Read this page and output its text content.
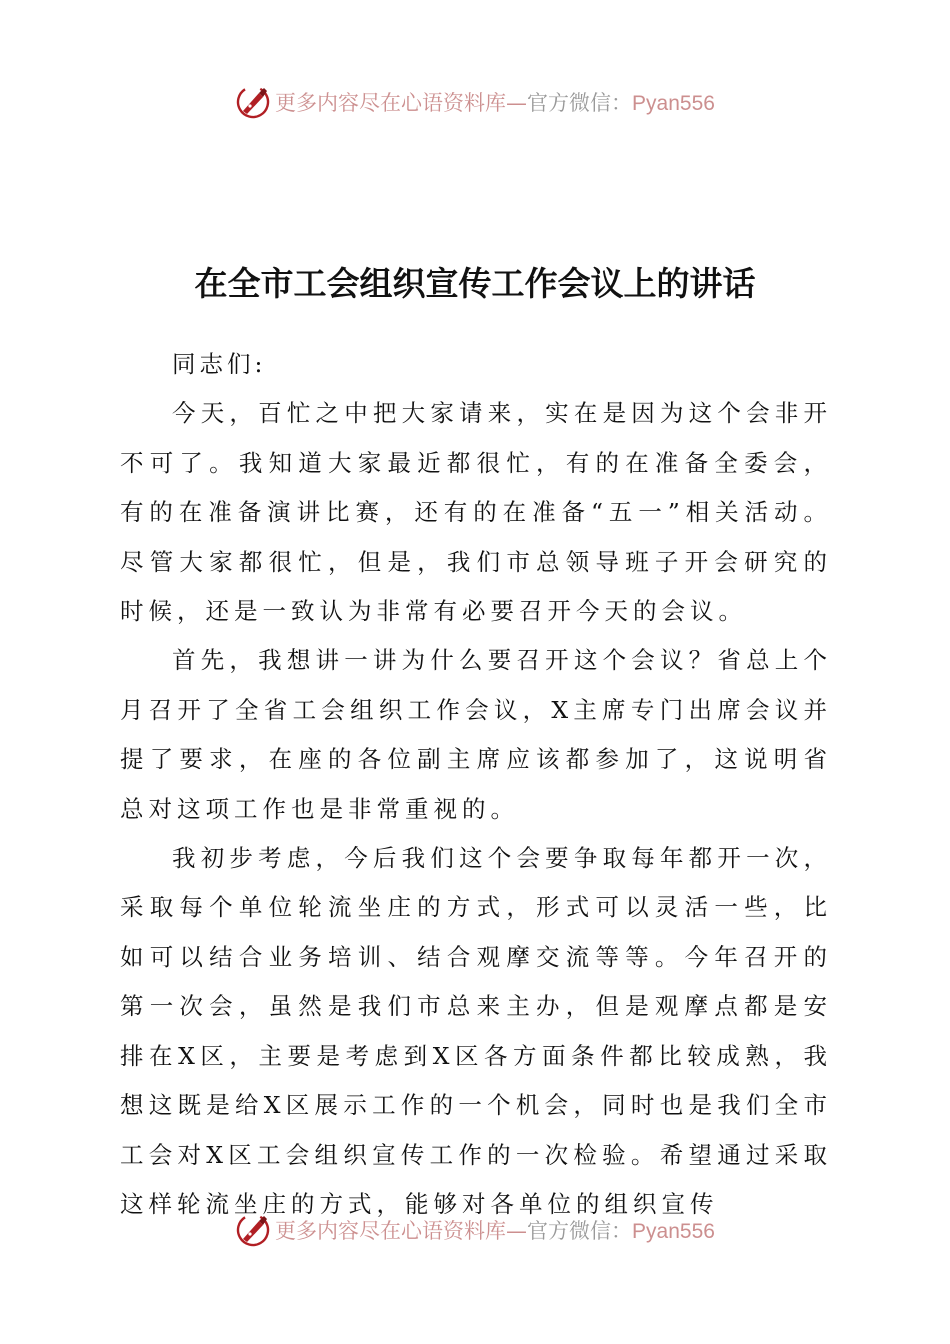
更多内容尽在心语资料库—官方微信：Pyan556
在全市工会组织宣传工作会议上的讲话

同志们:

今天，百忙之中把大家请来，实在是因为这个会非开不可了。我知道大家最近都很忙，有的在准备全委会，有的在准备演讲比赛，还有的在准备“五一”相关活动。尽管大家都很忙，但是，我们市总领导班子开会研究的时候，还是一致认为非常有必要召开今天的会议。

首先，我想讲一讲为什么要召开这个会议？省总上个月召开了全省工会组织工作会议，X主席专门出席会议并提了要求，在座的各位副主席应该都参加了，这说明省总对这项工作也是非常重视的。

我初步考虑，今后我们这个会要争取每年都开一次，采取每个单位轮流坐庄的方式，形式可以灵活一些，比如可以结合业务培训、结合观摩交流等等。今年召开的第一次会，虽然是我们市总来主办，但是观摩点都是安排在X区，主要是考虑到X区各方面条件都比较成熟，我想这既是给X区展示工作的一个机会，同时也是我们全市工会对X区工会组织宣传工作的一次检验。希望通过采取这样轮流坐庄的方式，能够对各单位的组织宣传

更多内容尽在心语资料库—官方微信：Pyan556
